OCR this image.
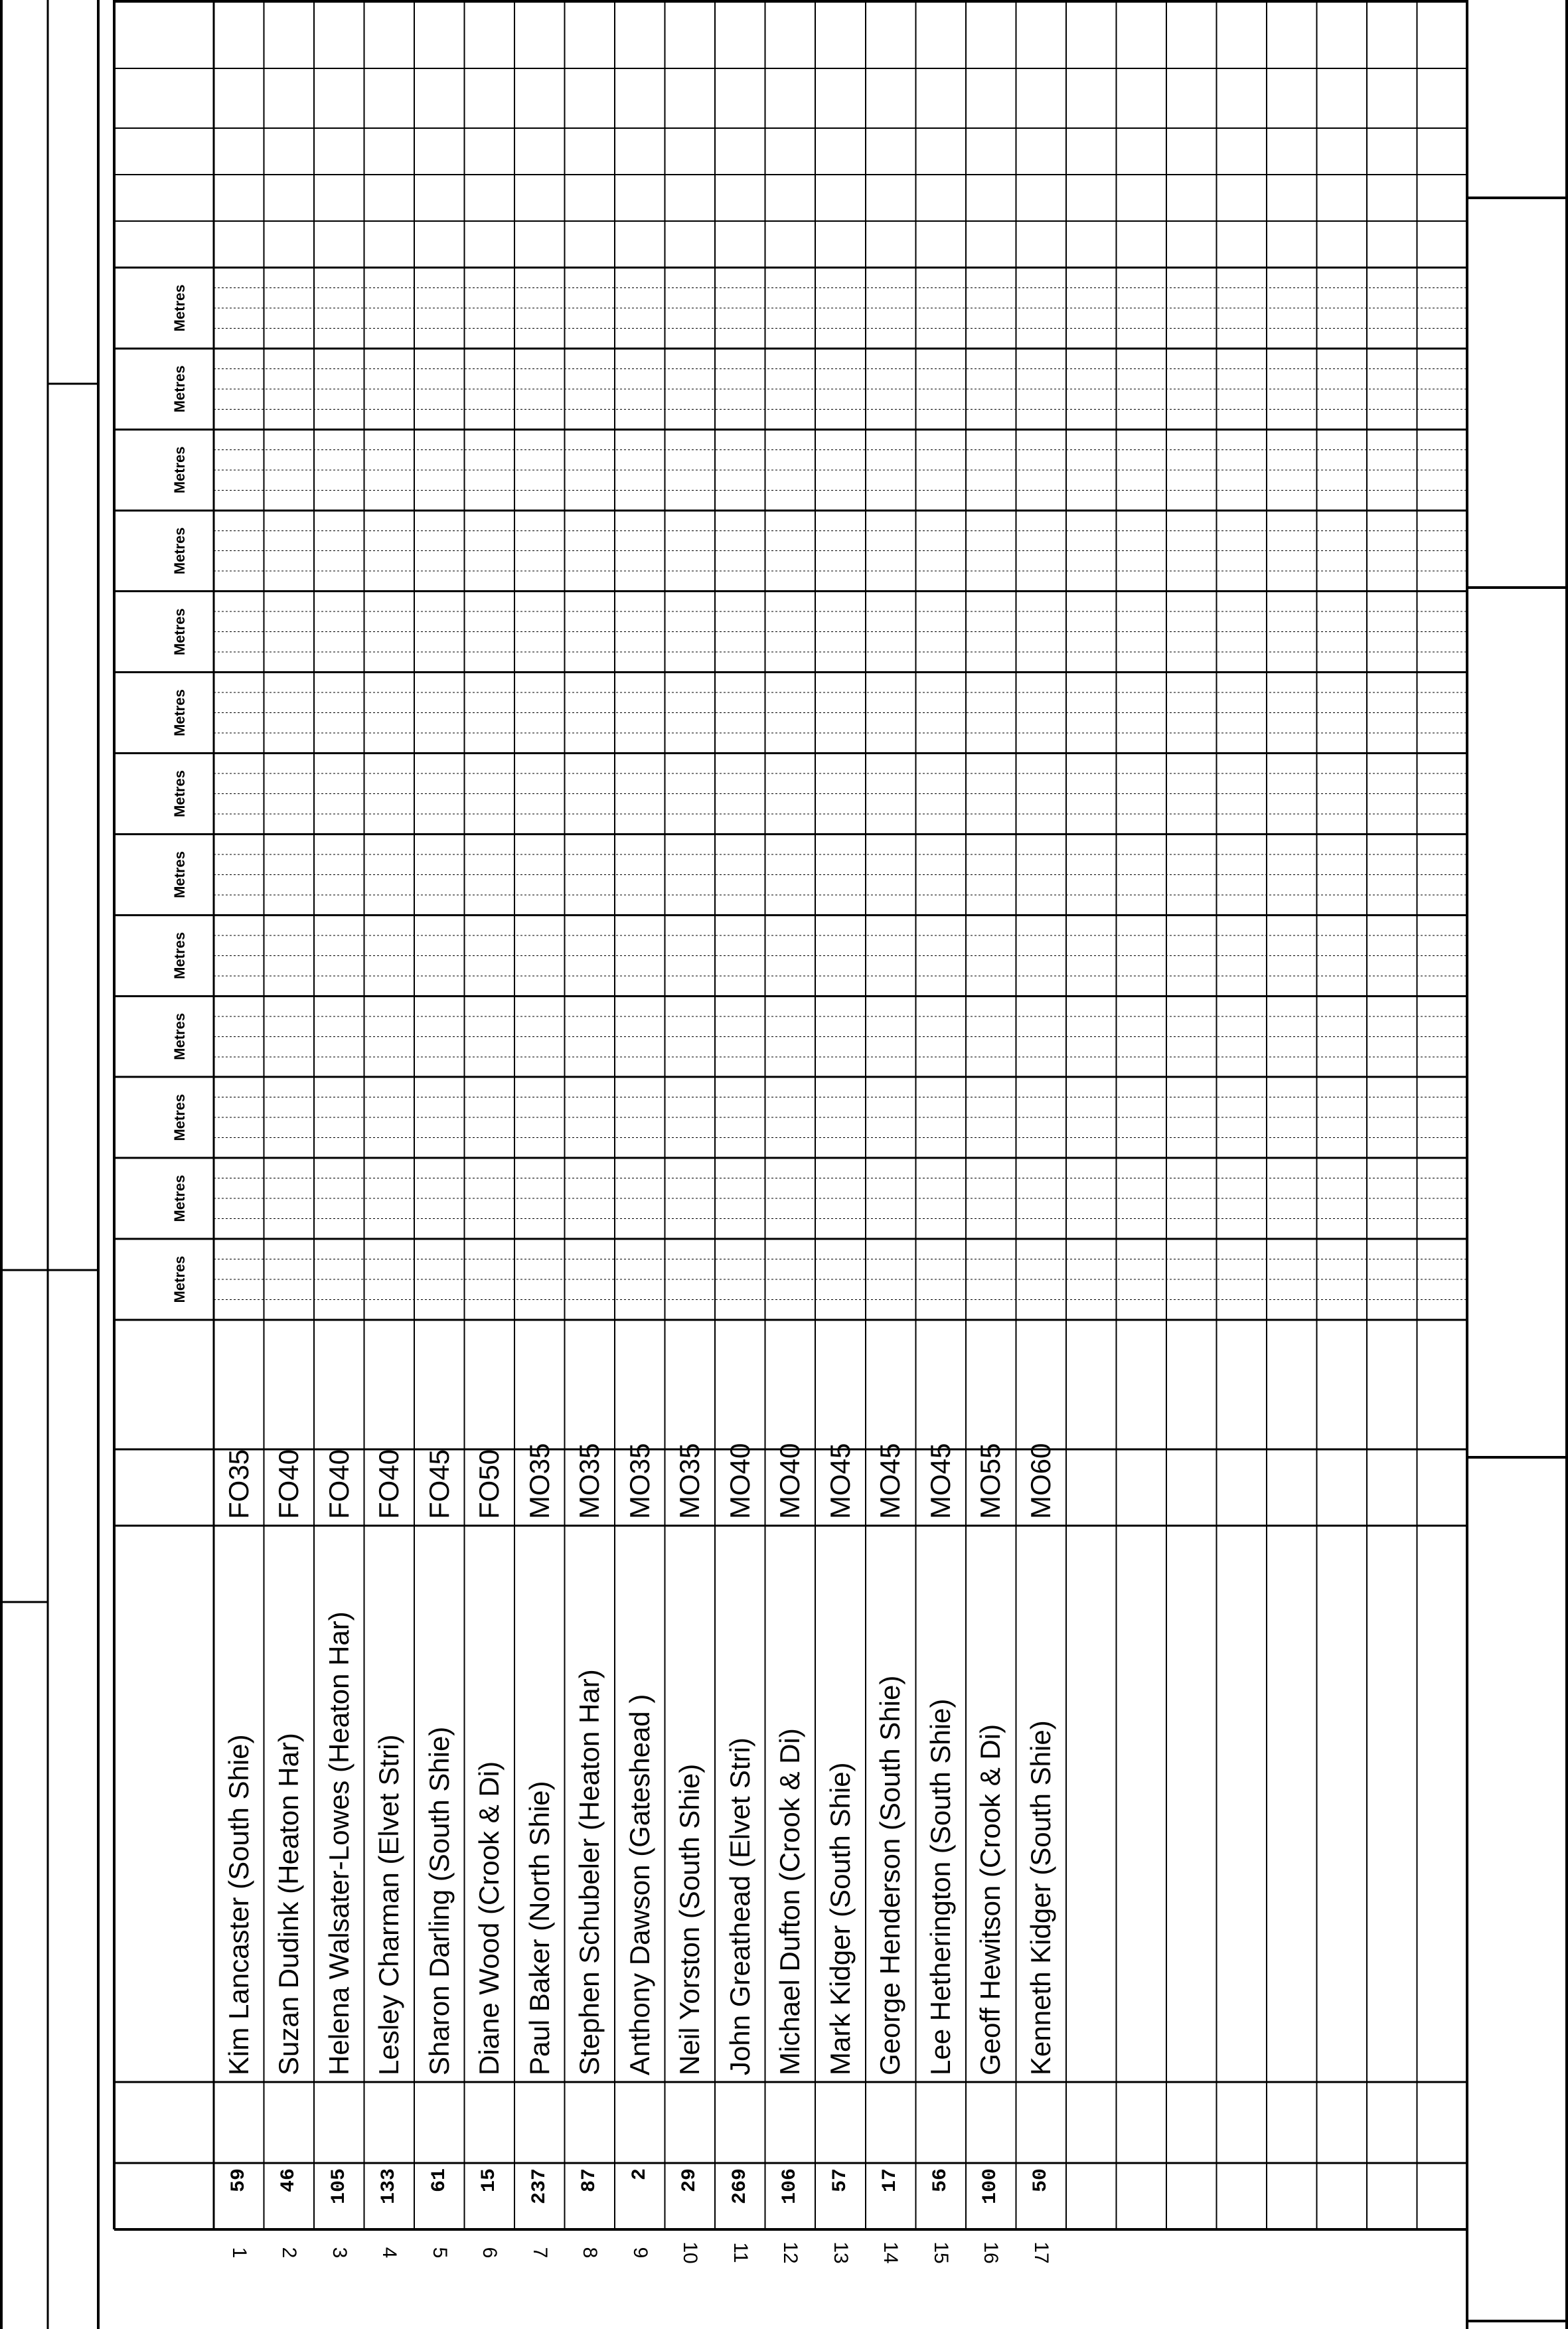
Metres
Metres
Metres
Metres
Metres
Metres
Metres
Metres
Metres
Metres
Metres
Metres
Metres
1
59
Kim Lancaster (South Shie)
FO35
2
46
Suzan Dudink (Heaton Har)
FO40
3
105
Helena Walsater-Lowes (Heaton Har)
FO40
4
133
Lesley Charman (Elvet Stri)
FO40
5
61
Sharon Darling (South Shie)
FO45
6
15
Diane Wood (Crook & Di)
FO50
7
237
Paul Baker (North Shie)
MO35
8
87
Stephen Schubeler (Heaton Har)
MO35
9
2
Anthony Dawson (Gateshead )
MO35
10
29
Neil Yorston (South Shie)
MO35
11
269
John Greathead (Elvet Stri)
MO40
12
106
Michael Dufton (Crook & Di)
MO40
13
57
Mark Kidger (South Shie)
MO45
14
17
George Henderson (South Shie)
MO45
15
56
Lee Hetherington (South Shie)
MO45
16
100
Geoff Hewitson (Crook & Di)
MO55
17
50
Kenneth Kidger (South Shie)
MO60
